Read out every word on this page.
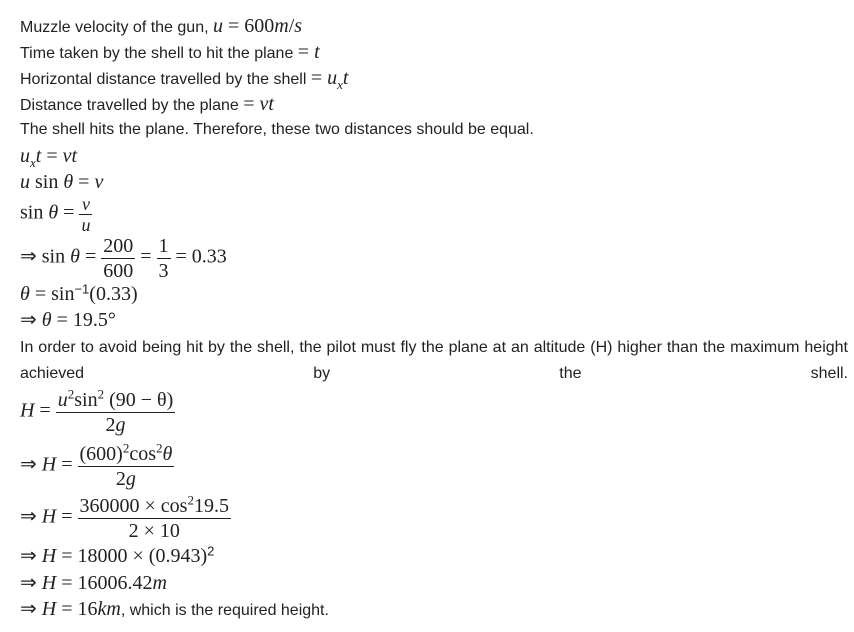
Muzzle velocity of the gun, u = 600m/s
Time taken by the shell to hit the plane = t
Horizontal distance travelled by the shell = $u_xt$
Distance travelled by the plane = vt
The shell hits the plane. Therefore, these two distances should be equal.
$u_xt$ = vt
u sin θ = v
$\sin \theta = \frac{v}{u}$
⇒ $\sin \theta = \frac{200}{600} = \frac{1}{3} = 0.33$
$\theta = \sin^{-1}(0.33)$
⇒ θ = 19.5°
In order to avoid being hit by the shell, the pilot must fly the plane at an altitude (H) higher than the maximum height achieved by the shell.
$H = \frac{u^2\sin^2 (90 - \theta)}{2g}$
⇒ $H = \frac{(600)^2\cos^2\theta}{2g}$
⇒ $H = \frac{360000 \times \cos^219.5}{2 \times 10}$
⇒ $H = 18000 \times (0.943)^2$
⇒ H = 16006.42m
⇒ H = 16km, which is the required height.
